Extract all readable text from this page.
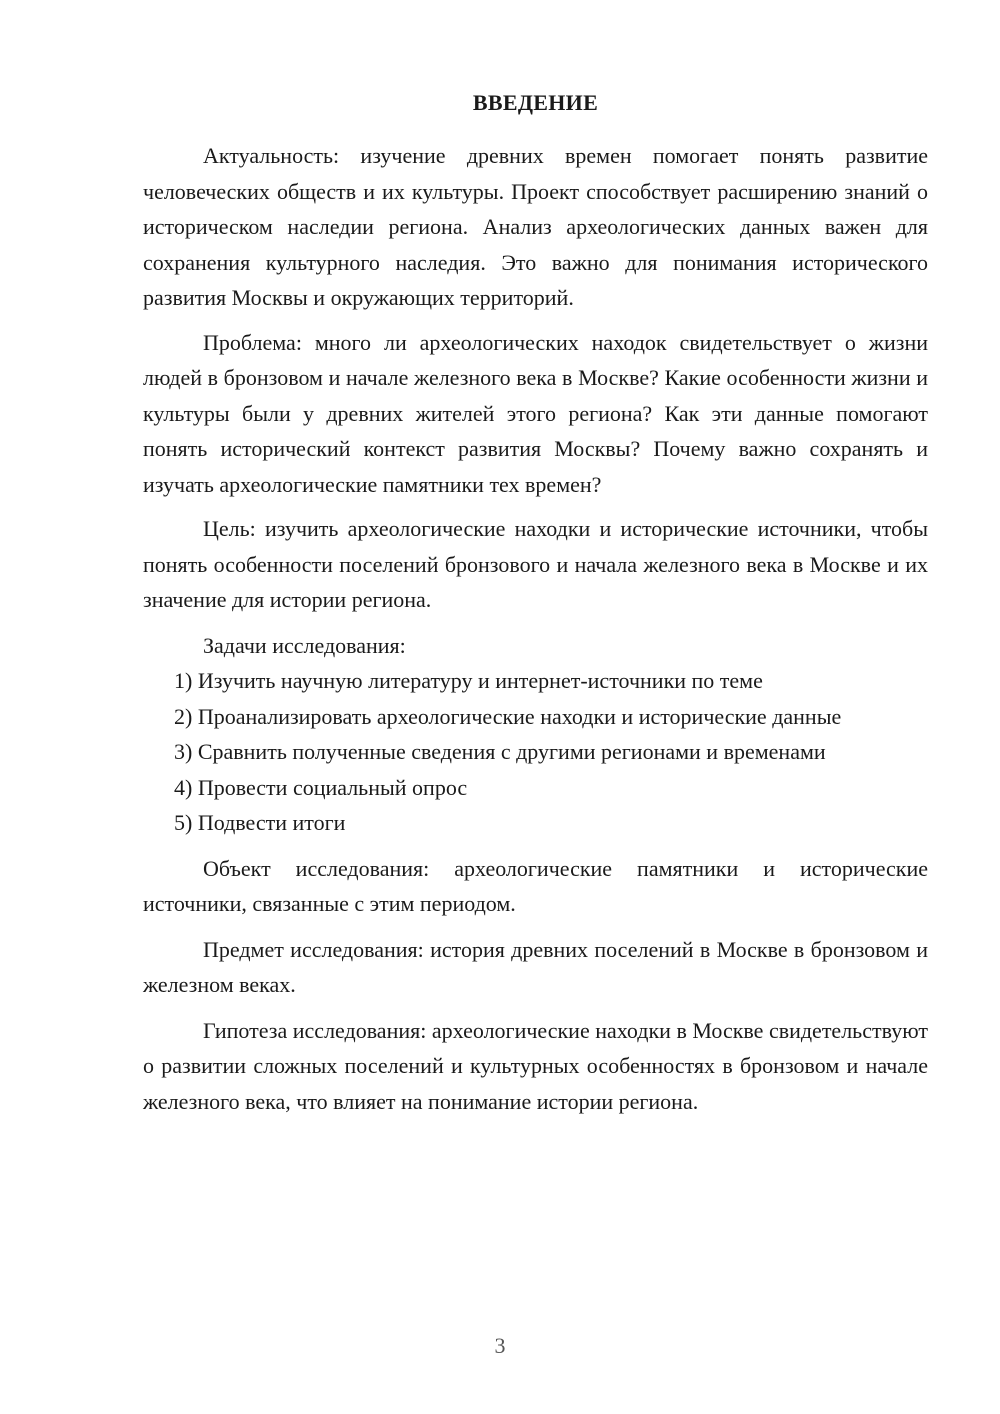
ВВЕДЕНИЕ

Актуальность: изучение древних времен помогает понять развитие человеческих обществ и их культуры. Проект способствует расширению знаний о историческом наследии региона. Анализ археологических данных важен для сохранения культурного наследия. Это важно для понимания исторического развития Москвы и окружающих территорий.

Проблема: много ли археологических находок свидетельствует о жизни людей в бронзовом и начале железного века в Москве? Какие особенности жизни и культуры были у древних жителей этого региона? Как эти данные помогают понять исторический контекст развития Москвы? Почему важно сохранять и изучать археологические памятники тех времен?

Цель: изучить археологические находки и исторические источники, чтобы понять особенности поселений бронзового и начала железного века в Москве и их значение для истории региона.

Задачи исследования:

1) Изучить научную литературу и интернет-источники по теме

2) Проанализировать археологические находки и исторические данные

3) Сравнить полученные сведения с другими регионами и временами

4) Провести социальный опрос

5) Подвести итоги

Объект исследования: археологические памятники и исторические источники, связанные с этим периодом.

Предмет исследования: история древних поселений в Москве в бронзовом и железном веках.

Гипотеза исследования: археологические находки в Москве свидетельствуют о развитии сложных поселений и культурных особенностях в бронзовом и начале железного века, что влияет на понимание истории региона.

3
